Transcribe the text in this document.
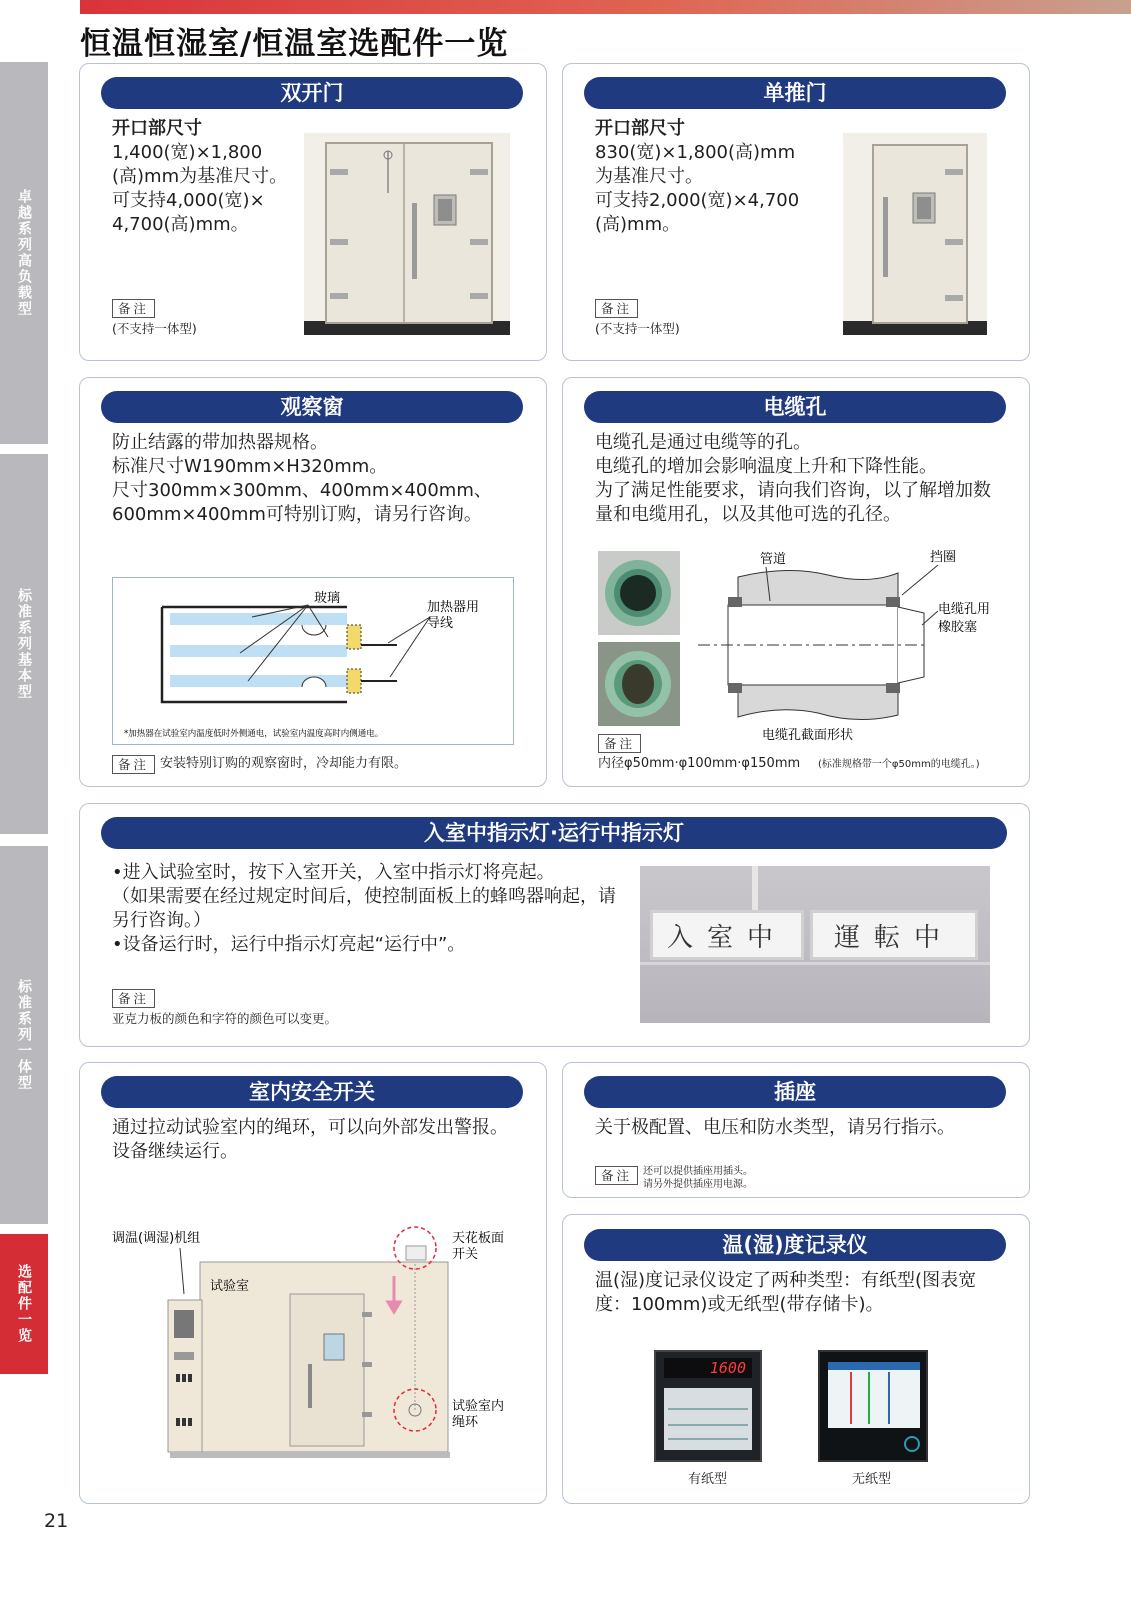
恒温恒湿室/恒温室选配件一览
卓越系列高负载型
标准系列基本型
标准系列一体型
选配件一览
双开门
开口部尺寸
1,400(宽)×1,800
(高)mm为基准尺寸。
可支持4,000(宽)×
4,700(高)mm。
备注
(不支持一体型)
单推门
开口部尺寸
830(宽)×1,800(高)mm
为基准尺寸。
可支持2,000(宽)×4,700
(高)mm。
备注
(不支持一体型)
观察窗
防止结露的带加热器规格。
标准尺寸W190mm×H320mm。
尺寸300mm×300mm、400mm×400mm、
600mm×400mm可特别订购，请另行咨询。
玻璃
加热器用
导线
*加热器在试验室内温度低时外侧通电，试验室内温度高时内侧通电。
备注 安装特别订购的观察窗时，冷却能力有限。
电缆孔
电缆孔是通过电缆等的孔。
电缆孔的增加会影响温度上升和下降性能。
为了满足性能要求，请向我们咨询，以了解增加数
量和电缆用孔，以及其他可选的孔径。
管道	挡圈
电缆孔用
橡胶塞
电缆孔截面形状
备注
内径φ50mm·φ100mm·φ150mm (标准规格带一个φ50mm的电缆孔。)
入室中指示灯·运行中指示灯
•进入试验室时，按下入室开关，入室中指示灯将亮起。
（如果需要在经过规定时间后，使控制面板上的蜂鸣器响起，请
另行咨询。）
•设备运行时，运行中指示灯亮起“运行中”。
备注
亚克力板的颜色和字符的颜色可以变更。
入室中	運転中
室内安全开关
通过拉动试验室内的绳环，可以向外部发出警报。
设备继续运行。
调温(调湿)机组
试验室
天花板面
开关
试验室内
绳环
插座
关于极配置、电压和防水类型，请另行指示。
备注	还可以提供插座用插头。
请另外提供插座用电源。
温(湿)度记录仪
温(湿)度记录仪设定了两种类型：有纸型(图表宽
度：100mm)或无纸型(带存储卡)。
1600
有纸型	无纸型
21
